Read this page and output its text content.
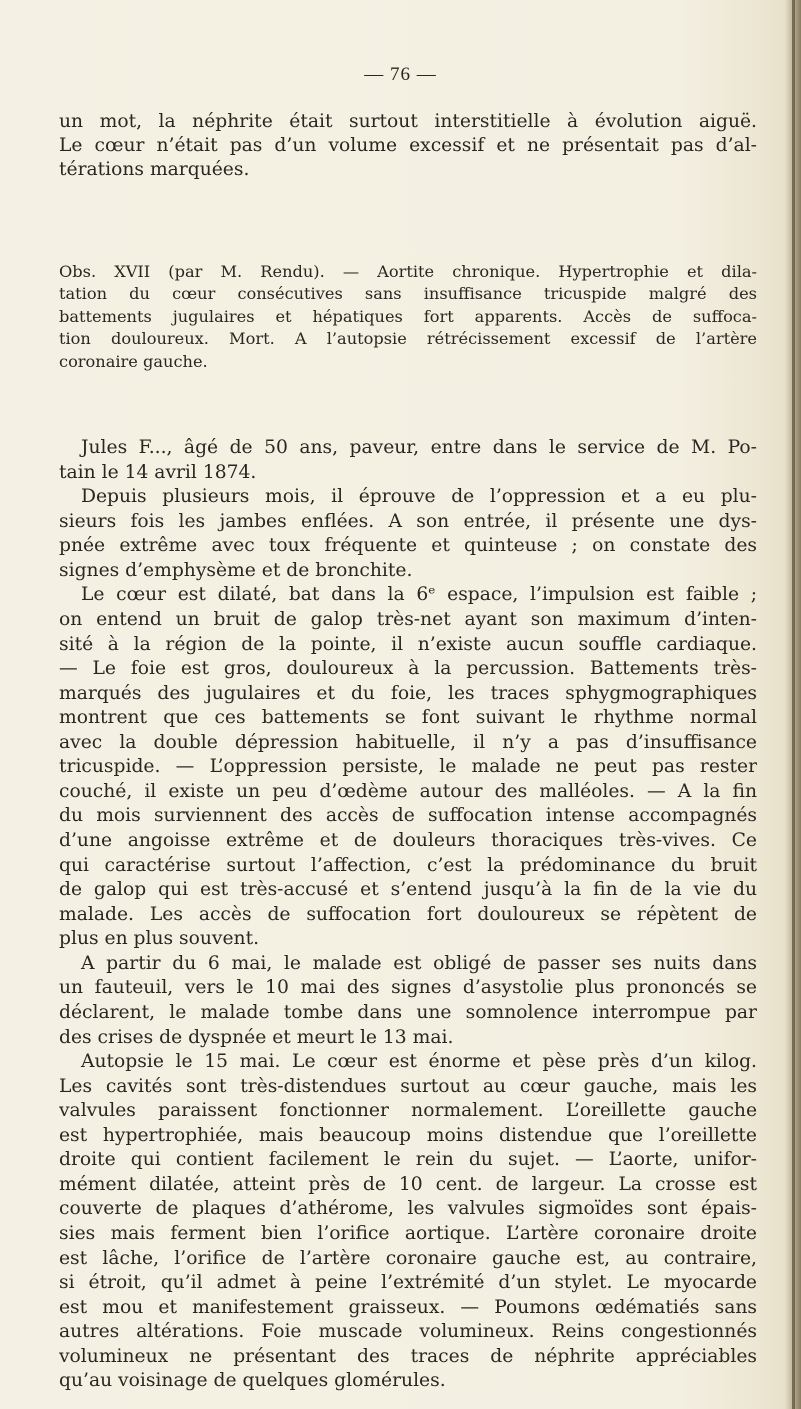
— 76 —
un mot, la néphrite était surtout interstitielle à évolution aiguë.
Le cœur n’était pas d’un volume excessif et ne présentait pas d’al-
térations marquées.
Obs. XVII (par M. Rendu). — Aortite chronique. Hypertrophie et dila-
tation du cœur consécutives sans insuffisance tricuspide malgré des
battements jugulaires et hépatiques fort apparents. Accès de suffoca-
tion douloureux. Mort. A l’autopsie rétrécissement excessif de l’artère
coronaire gauche.
Jules F..., âgé de 50 ans, paveur, entre dans le service de M. Po-
tain le 14 avril 1874.
Depuis plusieurs mois, il éprouve de l’oppression et a eu plu-
sieurs fois les jambes enflées. A son entrée, il présente une dys-
pnée extrême avec toux fréquente et quinteuse ; on constate des
signes d’emphysème et de bronchite.
Le cœur est dilaté, bat dans la 6ᵉ espace, l’impulsion est faible ;
on entend un bruit de galop très-net ayant son maximum d’inten-
sité à la région de la pointe, il n’existe aucun souffle cardiaque.
— Le foie est gros, douloureux à la percussion. Battements très-
marqués des jugulaires et du foie, les traces sphygmographiques
montrent que ces battements se font suivant le rhythme normal
avec la double dépression habituelle, il n’y a pas d’insuffisance
tricuspide. — L’oppression persiste, le malade ne peut pas rester
couché, il existe un peu d’œdème autour des malléoles. — A la fin
du mois surviennent des accès de suffocation intense accompagnés
d’une angoisse extrême et de douleurs thoraciques très-vives. Ce
qui caractérise surtout l’affection, c’est la prédominance du bruit
de galop qui est très-accusé et s’entend jusqu’à la fin de la vie du
malade. Les accès de suffocation fort douloureux se répètent de
plus en plus souvent.
A partir du 6 mai, le malade est obligé de passer ses nuits dans
un fauteuil, vers le 10 mai des signes d’asystolie plus prononcés se
déclarent, le malade tombe dans une somnolence interrompue par
des crises de dyspnée et meurt le 13 mai.
Autopsie le 15 mai. Le cœur est énorme et pèse près d’un kilog.
Les cavités sont très-distendues surtout au cœur gauche, mais les
valvules paraissent fonctionner normalement. L’oreillette gauche
est hypertrophiée, mais beaucoup moins distendue que l’oreillette
droite qui contient facilement le rein du sujet. — L’aorte, unifor-
mément dilatée, atteint près de 10 cent. de largeur. La crosse est
couverte de plaques d’athérome, les valvules sigmoïdes sont épais-
sies mais ferment bien l’orifice aortique. L’artère coronaire droite
est lâche, l’orifice de l’artère coronaire gauche est, au contraire,
si étroit, qu’il admet à peine l’extrémité d’un stylet. Le myocarde
est mou et manifestement graisseux. — Poumons œdématiés sans
autres altérations. Foie muscade volumineux. Reins congestionnés
volumineux ne présentant des traces de néphrite appréciables
qu’au voisinage de quelques glomérules.
